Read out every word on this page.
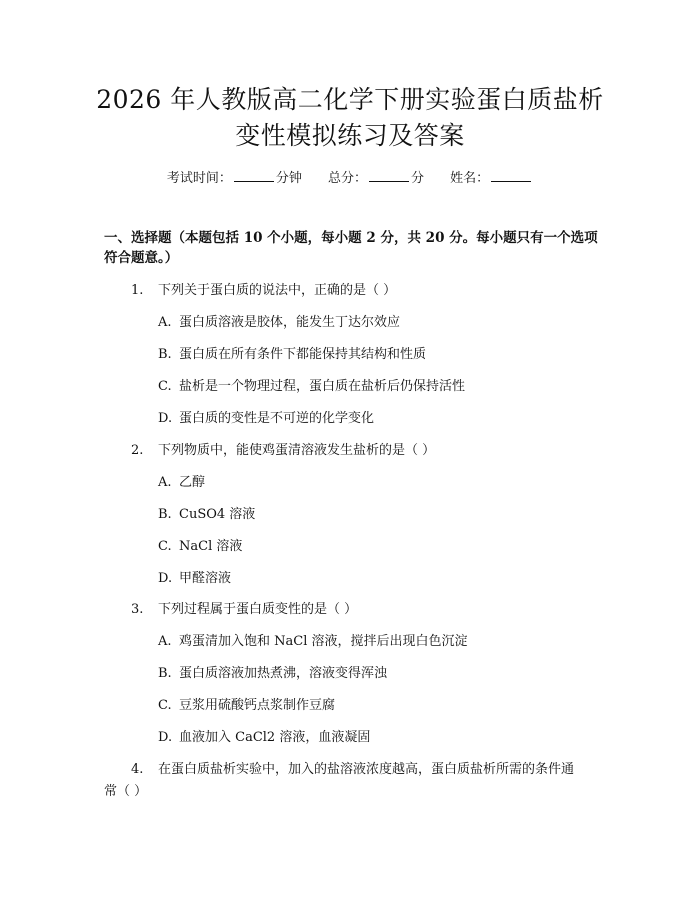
2026 年人教版高二化学下册实验蛋白质盐析
变性模拟练习及答案
考试时间：	分钟 总分：	分 姓名：
一、选择题（本题包括 10 个小题，每小题 2 分，共 20 分。每小题只有一个选项
符合题意。）
1. 下列关于蛋白质的说法中，正确的是（ ）
A. 蛋白质溶液是胶体，能发生丁达尔效应
B. 蛋白质在所有条件下都能保持其结构和性质
C. 盐析是一个物理过程，蛋白质在盐析后仍保持活性
D. 蛋白质的变性是不可逆的化学变化
2. 下列物质中，能使鸡蛋清溶液发生盐析的是（ ）
A. 乙醇
B. CuSO4 溶液
C. NaCl 溶液
D. 甲醛溶液
3. 下列过程属于蛋白质变性的是（ ）
A. 鸡蛋清加入饱和 NaCl 溶液，搅拌后出现白色沉淀
B. 蛋白质溶液加热煮沸，溶液变得浑浊
C. 豆浆用硫酸钙点浆制作豆腐
D. 血液加入 CaCl2 溶液，血液凝固
4. 在蛋白质盐析实验中，加入的盐溶液浓度越高，蛋白质盐析所需的条件通
常（ ）
